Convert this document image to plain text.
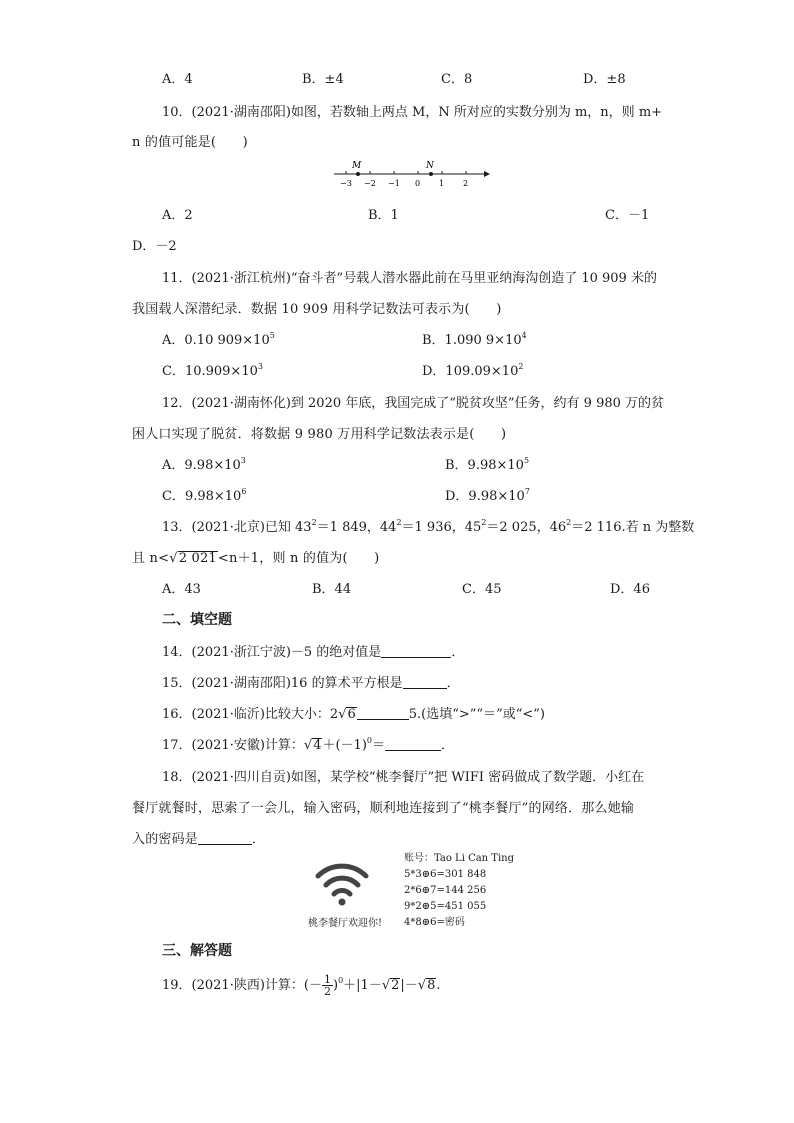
A．4	B．±4	C．8	D．±8
10．(2021·湖南邵阳)如图，若数轴上两点 M，N 所对应的实数分别为 m，n，则 m+
n 的值可能是(　　)
M	N
−3 −2 −1 0 1 2
A．2	B．1	C．－1
D．－2
11．(2021·浙江杭州)“奋斗者”号载人潜水器此前在马里亚纳海沟创造了 10 909 米的
我国载人深潜纪录．数据 10 909 用科学记数法可表示为(　　)
A．0.10 $909\times 10^5$	B．1.090 $9\times 10^4$
C．$10.909\times 10^3$	D．$109.09\times 10^2$
12．(2021·湖南怀化)到 2020 年底，我国完成了“脱贫攻坚”任务，约有 9 980 万的贫
困人口实现了脱贫．将数据 9 980 万用科学记数法表示是(　　)
A．$9.98\times 10^3$	B．$9.98\times 10^5$
C．$9.98\times 10^6$	D．$9.98\times 10^7$
13．(2021·北京)已知 $43^2=1$ 849，$44^2=1$ 936，$45^2=2$ 025，$46^2=2$ 116.若 n 为整数
且 n<√2 021<n＋1，则 n 的值为(　　)
A．43	B．44	C．45	D．46
二、填空题
14．(2021·浙江宁波)－5 的绝对值是	．
15．(2021·湖南邵阳)16 的算术平方根是	．
16．(2021·临沂)比较大小：2√6	5.(选填“>”“＝”或“<”)
17．(2021·安徽)计算：$√4+(-1)^0=$	．
18．(2021·四川自贡)如图，某学校“桃李餐厅”把 WIFI 密码做成了数学题．小红在
餐厅就餐时，思索了一会儿，输入密码，顺利地连接到了“桃李餐厅”的网络．那么她输
入的密码是	．
桃李餐厅欢迎你!
账号：Tao Li Can Ting
5*3⊕6=301 848
2*6⊕7=144 256
9*2⊕5=451 055
4*8⊕6=密码
三、解答题
19．(2021·陕西)计算：(－ $\frac{1}{2} )^0+|1-√2|-√8$.
